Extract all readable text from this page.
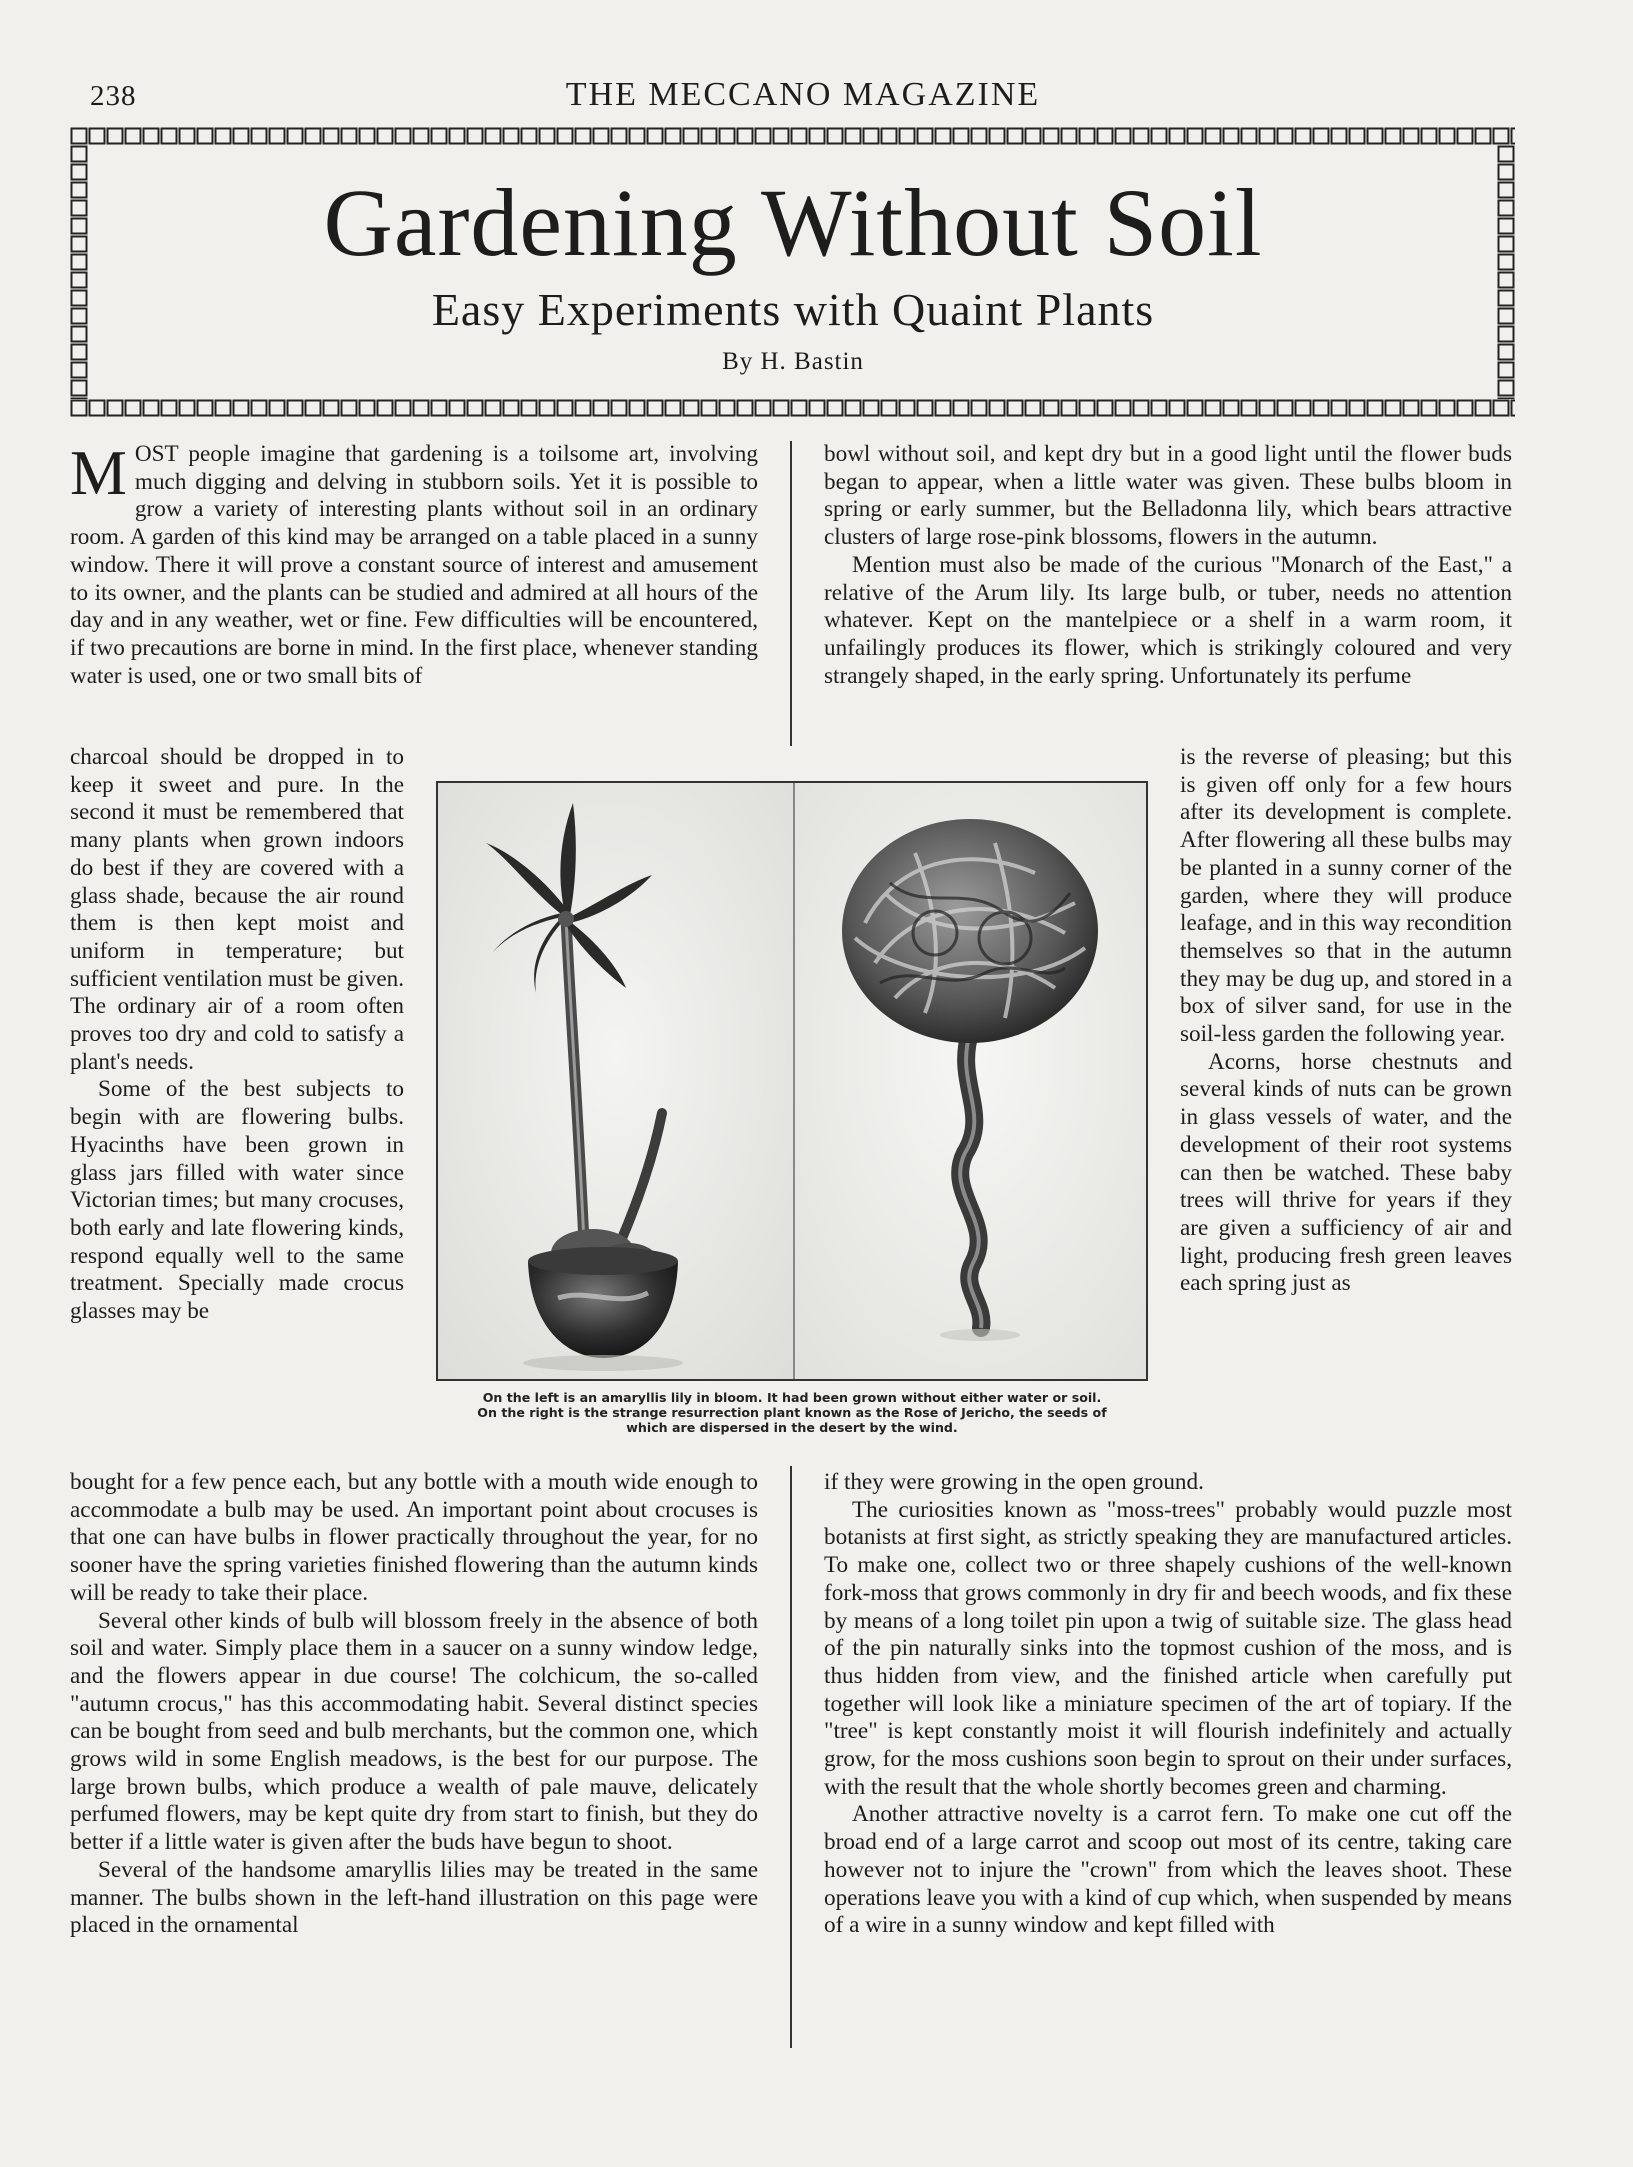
238	THE MECCANO MAGAZINE
Gardening Without Soil
Easy Experiments with Quaint Plants
By H. Bastin

MOST people imagine that gardening is a toilsome art, involving much digging and delving in stubborn soils. Yet it is possible to grow a variety of interesting plants without soil in an ordinary room. A garden of this kind may be arranged on a table placed in a sunny window. There it will prove a constant source of interest and amusement to its owner, and the plants can be studied and admired at all hours of the day and in any weather, wet or fine. Few difficulties will be encountered, if two precautions are borne in mind. In the first place, whenever standing water is used, one or two small bits of

bowl without soil, and kept dry but in a good light until the flower buds began to appear, when a little water was given. These bulbs bloom in spring or early summer, but the Belladonna lily, which bears attractive clusters of large rose-pink blossoms, flowers in the autumn.

Mention must also be made of the curious "Monarch of the East," a relative of the Arum lily. Its large bulb, or tuber, needs no attention whatever. Kept on the mantelpiece or a shelf in a warm room, it unfailingly produces its flower, which is strikingly coloured and very strangely shaped, in the early spring. Unfortunately its perfume

charcoal should be dropped in to keep it sweet and pure. In the second it must be remembered that many plants when grown indoors do best if they are covered with a glass shade, because the air round them is then kept moist and uniform in temperature; but sufficient ventilation must be given. The ordinary air of a room often proves too dry and cold to satisfy a plant's needs.

Some of the best subjects to begin with are flowering bulbs. Hyacinths have been grown in glass jars filled with water since Victorian times; but many crocuses, both early and late flowering kinds, respond equally well to the same treatment. Specially made crocus glasses may be

is the reverse of pleasing; but this is given off only for a few hours after its development is complete. After flowering all these bulbs may be planted in a sunny corner of the garden, where they will produce leafage, and in this way recondition themselves so that in the autumn they may be dug up, and stored in a box of silver sand, for use in the soil-less garden the following year.

Acorns, horse chestnuts and several kinds of nuts can be grown in glass vessels of water, and the development of their root systems can then be watched. These baby trees will thrive for years if they are given a sufficiency of air and light, producing fresh green leaves each spring just as

On the left is an amaryllis lily in bloom. It had been grown without either water or soil.
On the right is the strange resurrection plant known as the Rose of Jericho, the seeds of
which are dispersed in the desert by the wind.

bought for a few pence each, but any bottle with a mouth wide enough to accommodate a bulb may be used. An important point about crocuses is that one can have bulbs in flower practically throughout the year, for no sooner have the spring varieties finished flowering than the autumn kinds will be ready to take their place.

Several other kinds of bulb will blossom freely in the absence of both soil and water. Simply place them in a saucer on a sunny window ledge, and the flowers appear in due course! The colchicum, the so-called "autumn crocus," has this accommodating habit. Several distinct species can be bought from seed and bulb merchants, but the common one, which grows wild in some English meadows, is the best for our purpose. The large brown bulbs, which produce a wealth of pale mauve, delicately perfumed flowers, may be kept quite dry from start to finish, but they do better if a little water is given after the buds have begun to shoot.

Several of the handsome amaryllis lilies may be treated in the same manner. The bulbs shown in the left-hand illustration on this page were placed in the ornamental

if they were growing in the open ground.

The curiosities known as "moss-trees" probably would puzzle most botanists at first sight, as strictly speaking they are manufactured articles. To make one, collect two or three shapely cushions of the well-known fork-moss that grows commonly in dry fir and beech woods, and fix these by means of a long toilet pin upon a twig of suitable size. The glass head of the pin naturally sinks into the topmost cushion of the moss, and is thus hidden from view, and the finished article when carefully put together will look like a miniature specimen of the art of topiary. If the "tree" is kept constantly moist it will flourish indefinitely and actually grow, for the moss cushions soon begin to sprout on their under surfaces, with the result that the whole shortly becomes green and charming.

Another attractive novelty is a carrot fern. To make one cut off the broad end of a large carrot and scoop out most of its centre, taking care however not to injure the "crown" from which the leaves shoot. These operations leave you with a kind of cup which, when suspended by means of a wire in a sunny window and kept filled with
